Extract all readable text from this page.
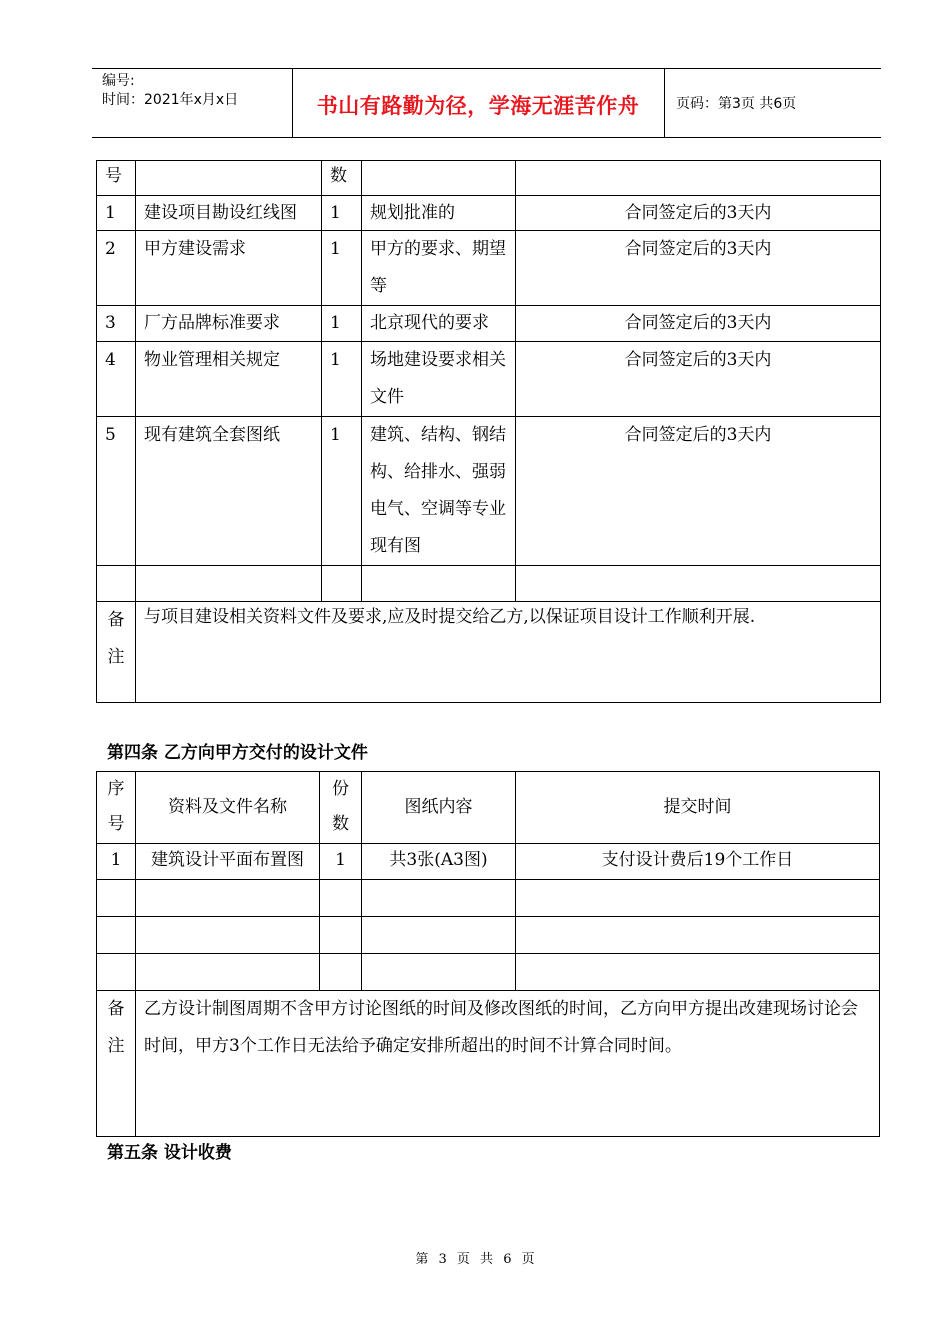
编号:
时间：2021年x月x日	书山有路勤为径，学海无涯苦作舟	页码：第3页 共6页
号		数		
1	建设项目勘设红线图	1	规划批准的	合同签定后的3天内
2	甲方建设需求	1	甲方的要求、期望等	合同签定后的3天内
3	厂方品牌标准要求	1	北京现代的要求	合同签定后的3天内
4	物业管理相关规定	1	场地建设要求相关文件	合同签定后的3天内
5	现有建筑全套图纸	1	建筑、结构、钢结构、给排水、强弱电气、空调等专业现有图	合同签定后的3天内

备注	与项目建设相关资料文件及要求,应及时提交给乙方,以保证项目设计工作顺利开展.			
第四条 乙方向甲方交付的设计文件
序号	资料及文件名称	份数	图纸内容	提交时间
1	建筑设计平面布置图	1	共3张(A3图)	支付设计费后19个工作日

备注	乙方设计制图周期不含甲方讨论图纸的时间及修改图纸的时间，乙方向甲方提出改建现场讨论会时间，甲方3个工作日无法给予确定安排所超出的时间不计算合同时间。			
第五条 设计收费
第 3 页 共 6 页
